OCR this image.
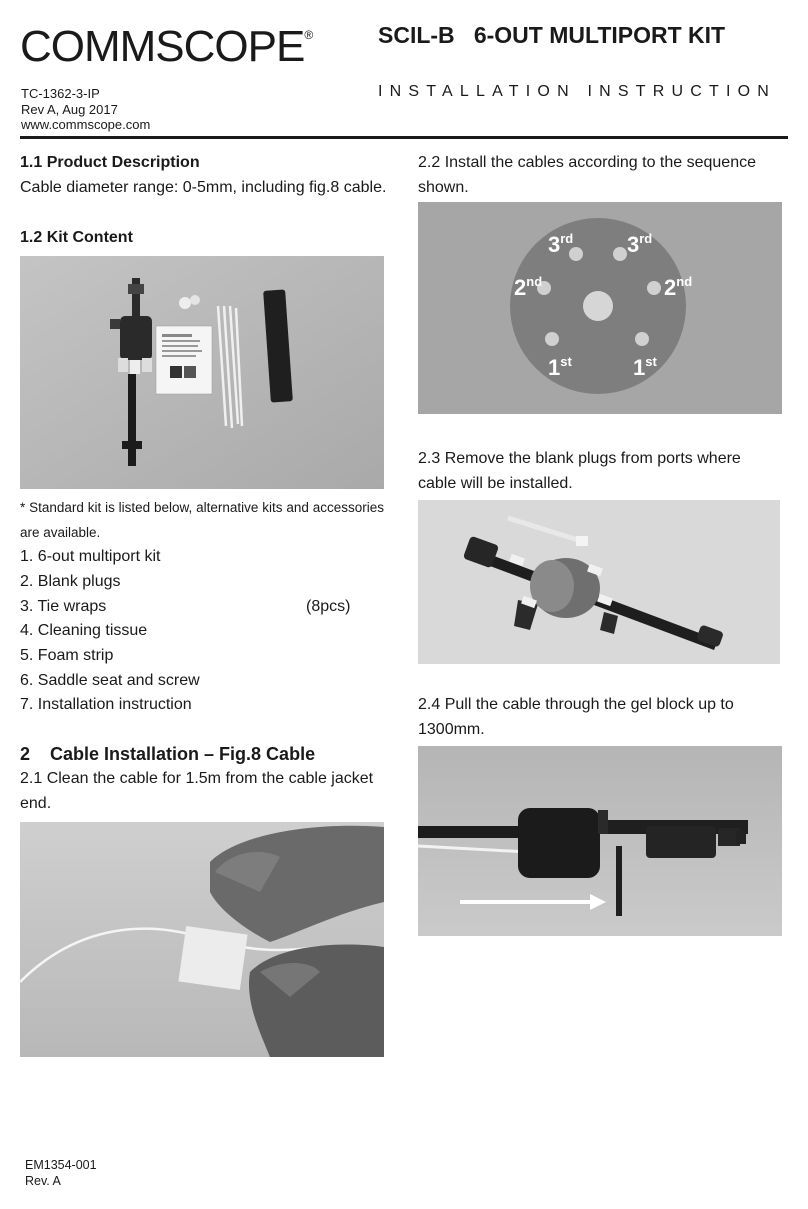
COMMSCOPE®	SCIL-B   6-OUT MULTIPORT KIT
TC-1362-3-IP
Rev A, Aug 2017
www.commscope.com
INSTALLATION INSTRUCTION
1.1 Product Description
Cable diameter range: 0-5mm, including fig.8 cable.
1.2 Kit Content
* Standard kit is listed below, alternative kits and accessories are available.
1. 6-out multiport kit
2. Blank plugs
3. Tie wraps	(8pcs)
4. Cleaning tissue
5. Foam strip
6. Saddle seat and screw
7. Installation instruction
2    Cable Installation – Fig.8 Cable
2.1 Clean the cable for 1.5m from the cable jacket end.
2.2 Install the cables according to the sequence shown.
3rd 3rd
2nd	2nd
1st	1st
2.3 Remove the blank plugs from ports where cable will be installed.
2.4 Pull the cable through the gel block up to 1300mm.
EM1354-001
Rev. A
